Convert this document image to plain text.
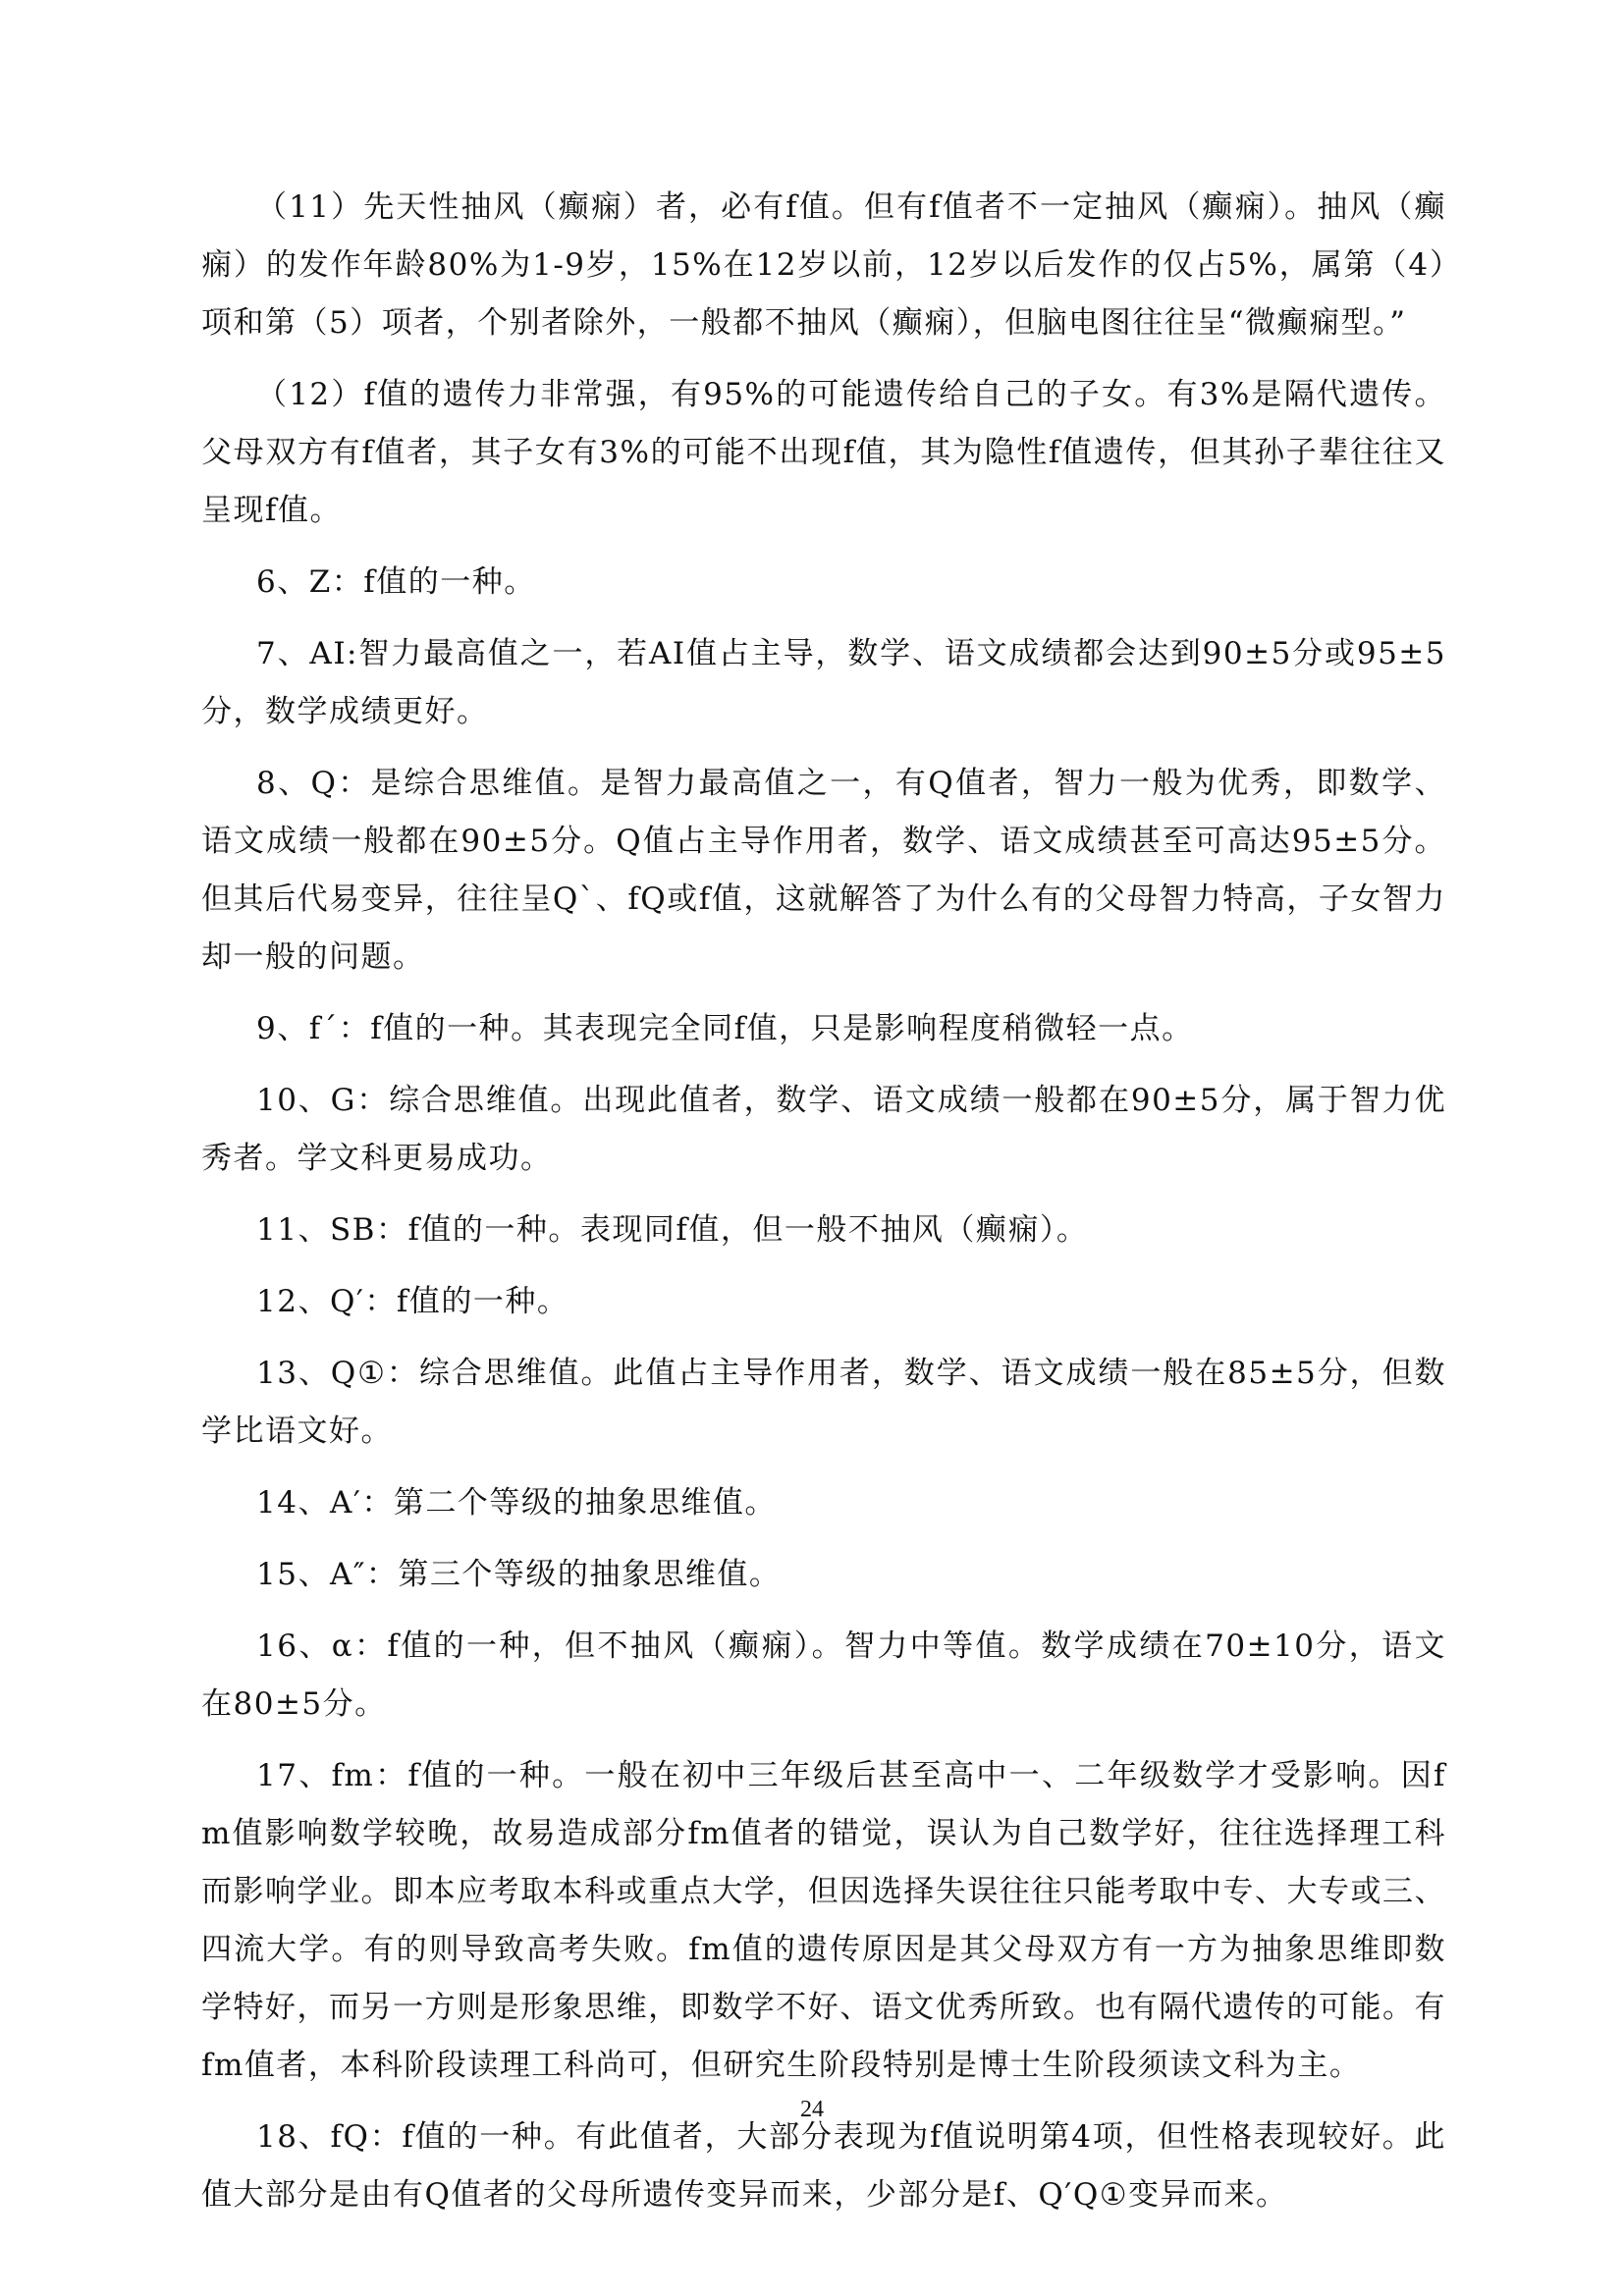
（11）先天性抽风（癫痫）者，必有f值。但有f值者不一定抽风（癫痫）。抽风（癫痫）的发作年龄80%为1-9岁，15%在12岁以前，12岁以后发作的仅占5%，属第（4）项和第（5）项者，个别者除外，一般都不抽风（癫痫），但脑电图往往呈“微癫痫型。”

（12）f值的遗传力非常强，有95%的可能遗传给自己的子女。有3%是隔代遗传。父母双方有f值者，其子女有3%的可能不出现f值，其为隐性f值遗传，但其孙子辈往往又呈现f值。

6、Z：f值的一种。

7、AI:智力最高值之一，若AI值占主导，数学、语文成绩都会达到90±5分或95±5分，数学成绩更好。

8、Q：是综合思维值。是智力最高值之一，有Q值者，智力一般为优秀，即数学、语文成绩一般都在90±5分。Q值占主导作用者，数学、语文成绩甚至可高达95±5分。但其后代易变异，往往呈Q`、fQ或f值，这就解答了为什么有的父母智力特高，子女智力却一般的问题。

9、f´：f值的一种。其表现完全同f值，只是影响程度稍微轻一点。

10、G：综合思维值。出现此值者，数学、语文成绩一般都在90±5分，属于智力优秀者。学文科更易成功。

11、SB：f值的一种。表现同f值，但一般不抽风（癫痫）。

12、Q′：f值的一种。

13、Q①：综合思维值。此值占主导作用者，数学、语文成绩一般在85±5分，但数学比语文好。

14、A′：第二个等级的抽象思维值。

15、A″：第三个等级的抽象思维值。

16、α：f值的一种，但不抽风（癫痫）。智力中等值。数学成绩在70±10分，语文在80±5分。

17、fm：f值的一种。一般在初中三年级后甚至高中一、二年级数学才受影响。因fm值影响数学较晚，故易造成部分fm值者的错觉，误认为自己数学好，往往选择理工科而影响学业。即本应考取本科或重点大学，但因选择失误往往只能考取中专、大专或三、四流大学。有的则导致高考失败。fm值的遗传原因是其父母双方有一方为抽象思维即数学特好，而另一方则是形象思维，即数学不好、语文优秀所致。也有隔代遗传的可能。有fm值者，本科阶段读理工科尚可，但研究生阶段特别是博士生阶段须读文科为主。

18、fQ：f值的一种。有此值者，大部分表现为f值说明第4项，但性格表现较好。此值大部分是由有Q值者的父母所遗传变异而来，少部分是f、Q′Q①变异而来。

24
